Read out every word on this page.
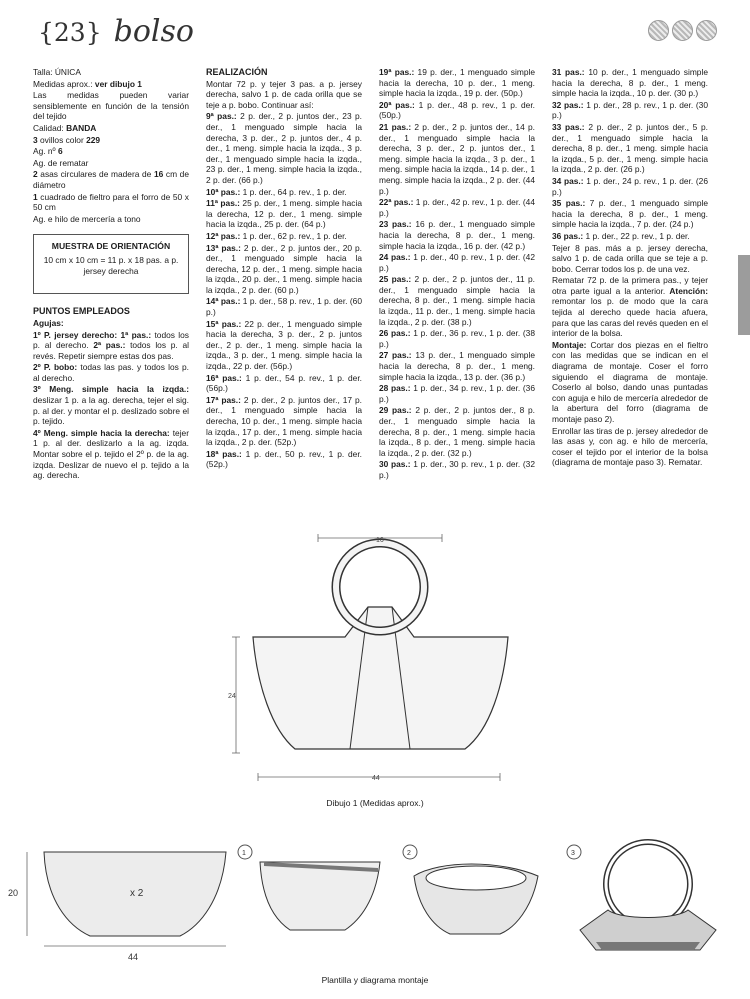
{23} bolso

Talla: ÚNICA

Medidas aprox.: ver dibujo 1

Las medidas pueden variar sensiblemente en función de la tensión del tejido

Calidad: BANDA

3 ovillos color 229

Ag. nº 6

Ag. de rematar

2 asas circulares de madera de 16 cm de diámetro

1 cuadrado de fieltro para el forro de 50 x 50 cm

Ag. e hilo de mercería a tono

MUESTRA DE ORIENTACIÓN
10 cm x 10 cm = 11 p. x 18 pas. a p. jersey derecha

PUNTOS EMPLEADOS

Agujas:

1º P. jersey derecho: 1ª pas.: todos los p. al derecho. 2ª pas.: todos los p. al revés. Repetir siempre estas dos pas.

2º P. bobo: todas las pas. y todos los p. al derecho.

3º Meng. simple hacia la izqda.: deslizar 1 p. a la ag. derecha, tejer el sig. p. al der. y montar el p. deslizado sobre el p. tejido.

4º Meng. simple hacia la derecha: tejer 1 p. al der. deslizarlo a la ag. izqda. Montar sobre el p. tejido el 2º p. de la ag. izqda. Deslizar de nuevo el p. tejido a la ag. derecha.

REALIZACIÓN

Montar 72 p. y tejer 3 pas. a p. jersey derecha, salvo 1 p. de cada orilla que se teje a p. bobo. Continuar así:

9ª pas.: 2 p. der., 2 p. juntos der., 23 p. der., 1 menguado simple hacia la derecha, 3 p. der., 2 p. juntos der., 4 p. der., 1 meng. simple hacia la izqda., 3 p. der., 1 menguado simple hacia la izqda., 23 p. der., 1 meng. simple hacia la izqda., 2 p. der. (66 p.)

10ª pas.: 1 p. der., 64 p. rev., 1 p. der.

11ª pas.: 25 p. der., 1 meng. simple hacia la derecha, 12 p. der., 1 meng. simple hacia la izqda., 25 p. der. (64 p.)

12ª pas.: 1 p. der., 62 p. rev., 1 p. der.

13ª pas.: 2 p. der., 2 p. juntos der., 20 p. der., 1 menguado simple hacia la derecha, 12 p. der., 1 meng. simple hacia la izqda., 20 p. der., 1 meng. simple hacia la izqda., 2 p. der. (60 p.)

14ª pas.: 1 p. der., 58 p. rev., 1 p. der. (60 p.)

15ª pas.: 22 p. der., 1 menguado simple hacia la derecha, 3 p. der., 2 p. juntos der., 2 p. der., 1 meng. simple hacia la izqda., 3 p. der., 1 meng. simple hacia la izqda., 22 p. der. (56p.)

16ª pas.: 1 p. der., 54 p. rev., 1 p. der. (56p.)

17ª pas.: 2 p. der., 2 p. juntos der., 17 p. der., 1 menguado simple hacia la derecha, 10 p. der., 1 meng. simple hacia la izqda., 17 p. der., 1 meng. simple hacia la izqda., 2 p. der. (52p.)

18ª pas.: 1 p. der., 50 p. rev., 1 p. der. (52p.)

19ª pas.: 19 p. der., 1 menguado simple hacia la derecha, 10 p. der., 1 meng. simple hacia la izqda., 19 p. der. (50p.)

20ª pas.: 1 p. der., 48 p. rev., 1 p. der. (50p.)

21 pas.: 2 p. der., 2 p. juntos der., 14 p. der., 1 menguado simple hacia la derecha, 3 p. der., 2 p. juntos der., 1 meng. simple hacia la izqda., 3 p. der., 1 meng. simple hacia la izqda., 14 p. der., 1 meng. simple hacia la izqda., 2 p. der. (44 p.)

22ª pas.: 1 p. der., 42 p. rev., 1 p. der. (44 p.)

23 pas.: 16 p. der., 1 menguado simple hacia la derecha, 8 p. der., 1 meng. simple hacia la izqda., 16 p. der. (42 p.)

24 pas.: 1 p. der., 40 p. rev., 1 p. der. (42 p.)

25 pas.: 2 p. der., 2 p. juntos der., 11 p. der., 1 menguado simple hacia la derecha, 8 p. der., 1 meng. simple hacia la izqda., 11 p. der., 1 meng. simple hacia la izqda., 2 p. der. (38 p.)

26 pas.: 1 p. der., 36 p. rev., 1 p. der. (38 p.)

27 pas.: 13 p. der., 1 menguado simple hacia la derecha, 8 p. der., 1 meng. simple hacia la izqda., 13 p. der. (36 p.)

28 pas.: 1 p. der., 34 p. rev., 1 p. der. (36 p.)

29 pas.: 2 p. der., 2 p. juntos der., 8 p. der., 1 menguado simple hacia la derecha, 8 p. der., 1 meng. simple hacia la izqda., 8 p. der., 1 meng. simple hacia la izqda., 2 p. der. (32 p.)

30 pas.: 1 p. der., 30 p. rev., 1 p. der. (32 p.)

31 pas.: 10 p. der., 1 menguado simple hacia la derecha, 8 p. der., 1 meng. simple hacia la izqda., 10 p. der. (30 p.)

32 pas.: 1 p. der., 28 p. rev., 1 p. der. (30 p.)

33 pas.: 2 p. der., 2 p. juntos der., 5 p. der., 1 menguado simple hacia la derecha, 8 p. der., 1 meng. simple hacia la izqda., 5 p. der., 1 meng. simple hacia la izqda., 2 p. der. (26 p.)

34 pas.: 1 p. der., 24 p. rev., 1 p. der. (26 p.)

35 pas.: 7 p. der., 1 menguado simple hacia la derecha, 8 p. der., 1 meng. simple hacia la izqda., 7 p. der. (24 p.)

36 pas.: 1 p. der., 22 p. rev., 1 p. der.

Tejer 8 pas. más a p. jersey derecha, salvo 1 p. de cada orilla que se teje a p. bobo. Cerrar todos los p. de una vez.

Rematar 72 p. de la primera pas., y tejer otra parte igual a la anterior. Atención: remontar los p. de modo que la cara tejida al derecho quede hacia afuera, para que las caras del revés queden en el interior de la bolsa.

Montaje: Cortar dos piezas en el fieltro con las medidas que se indican en el diagrama de montaje. Coser el forro siguiendo el diagrama de montaje. Coserlo al bolso, dando unas puntadas con aguja e hilo de mercería alrededor de la abertura del forro (diagrama de montaje paso 2).

Enrollar las tiras de p. jersey alrededor de las asas y, con ag. e hilo de mercería, coser el tejido por el interior de la bolsa (diagrama de montaje paso 3). Rematar.

16
24
44
Dibujo 1 (Medidas aprox.)
20
44
x 2
1	2	3
Plantilla y diagrama montaje
